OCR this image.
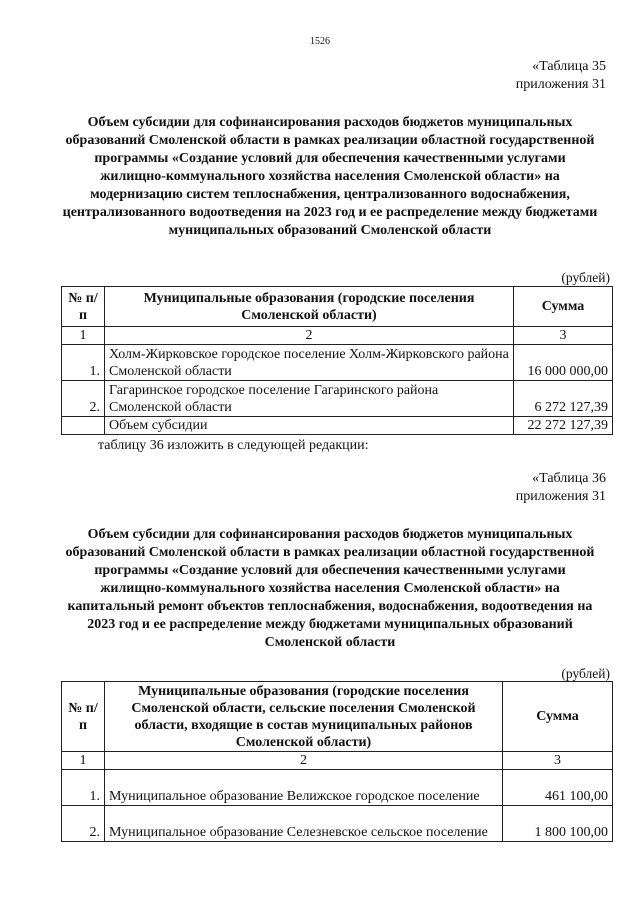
1526
«Таблица 35
приложения 31
Объем субсидии для софинансирования расходов бюджетов муниципальных образований Смоленской области в рамках реализации областной государственной программы «Создание условий для обеспечения качественными услугами жилищно-коммунального хозяйства населения Смоленской области» на модернизацию систем теплоснабжения, централизованного водоснабжения, централизованного водоотведения на 2023 год и ее распределение между бюджетами муниципальных образований Смоленской области
(рублей)
№ п/п	Муниципальные образования (городские поселения Смоленской области)	Сумма
1	2	3
1.	Холм-Жирковское городское поселение Холм-Жирковского района Смоленской области	16 000 000,00
2.	Гагаринское городское поселение Гагаринского района Смоленской области	6 272 127,39
	Объем субсидии	22 272 127,39
таблицу 36 изложить в следующей редакции:
«Таблица 36
приложения 31
Объем субсидии для софинансирования расходов бюджетов муниципальных образований Смоленской области в рамках реализации областной государственной программы «Создание условий для обеспечения качественными услугами жилищно-коммунального хозяйства населения Смоленской области» на капитальный ремонт объектов теплоснабжения, водоснабжения, водоотведения на 2023 год и ее распределение между бюджетами муниципальных образований Смоленской области
(рублей)
№ п/п	Муниципальные образования (городские поселения Смоленской области, сельские поселения Смоленской области, входящие в состав муниципальных районов Смоленской области)	Сумма
1	2	3
1.	Муниципальное образование Велижское городское поселение	461 100,00
2.	Муниципальное образование Селезневское сельское поселение	1 800 100,00
